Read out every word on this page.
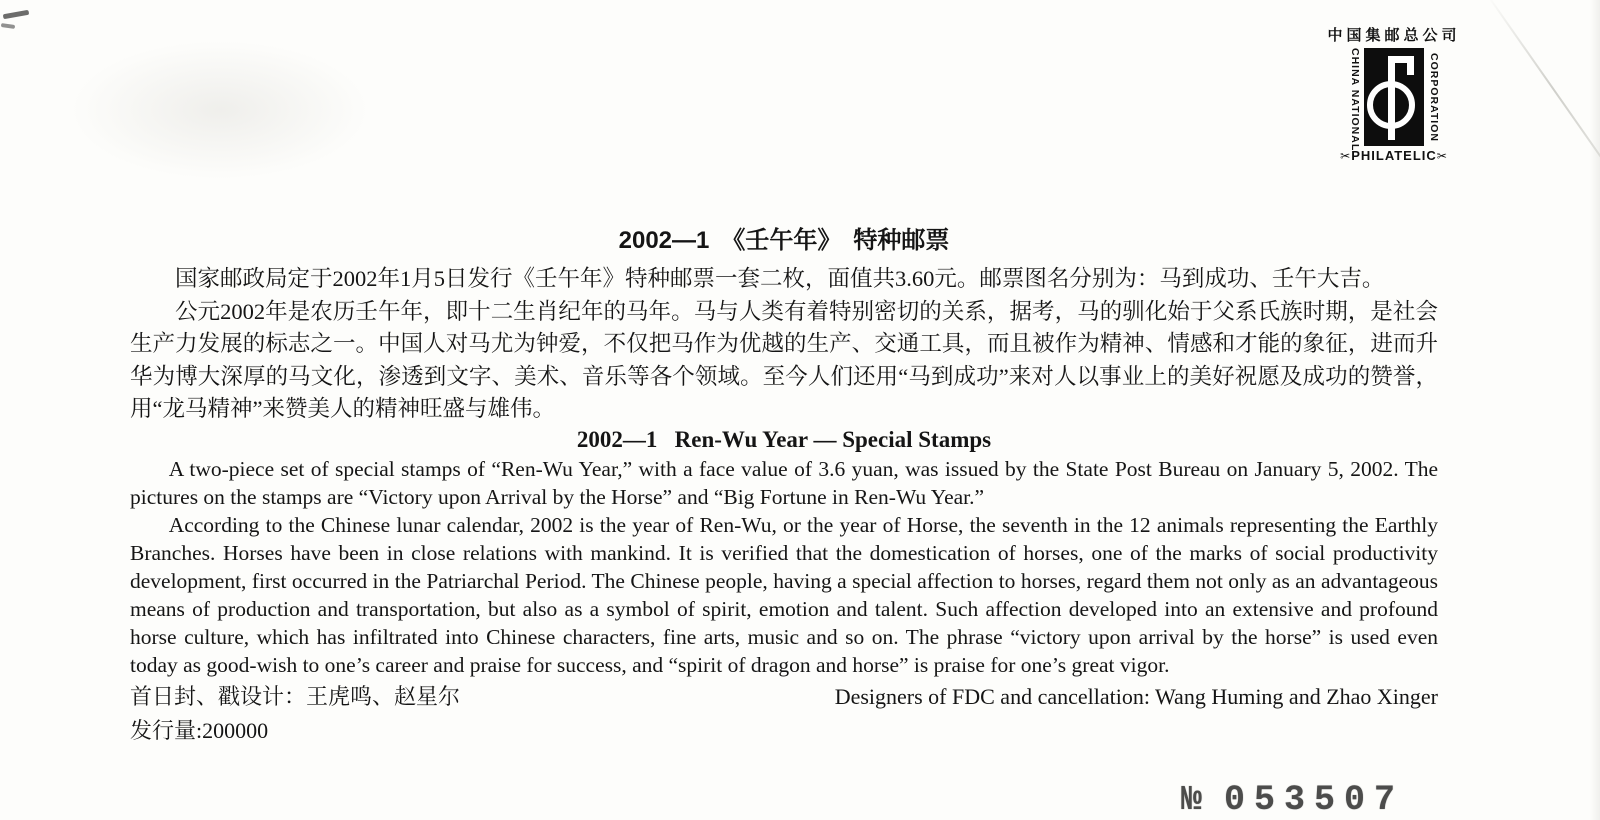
中国集邮总公司
CHINA NATIONAL	CORPORATION
✂PHILATELIC✂
2002—1　《壬午年》　特种邮票

国家邮政局定于2002年1月5日发行《壬午年》特种邮票一套二枚，面值共3.60元。邮票图名分别为：马到成功、壬午大吉。

公元2002年是农历壬午年，即十二生肖纪年的马年。马与人类有着特别密切的关系，据考，马的驯化始于父系氏族时期，是社会生产力发展的标志之一。中国人对马尤为钟爱，不仅把马作为优越的生产、交通工具，而且被作为精神、情感和才能的象征，进而升华为博大深厚的马文化，渗透到文字、美术、音乐等各个领域。至今人们还用“马到成功”来对人以事业上的美好祝愿及成功的赞誉，用“龙马精神”来赞美人的精神旺盛与雄伟。

2002—1   Ren-Wu Year — Special Stamps

A two-piece set of special stamps of “Ren-Wu Year,” with a face value of 3.6 yuan, was issued by the State Post Bureau on January 5, 2002. The pictures on the stamps are “Victory upon Arrival by the Horse” and “Big Fortune in Ren-Wu Year.”

According to the Chinese lunar calendar, 2002 is the year of Ren-Wu, or the year of Horse, the seventh in the 12 animals representing the Earthly Branches. Horses have been in close relations with mankind. It is verified that the domestication of horses, one of the marks of social productivity development, first occurred in the Patriarchal Period. The Chinese people, having a special affection to horses, regard them not only as an advantageous means of production and transportation, but also as a symbol of spirit, emotion and talent. Such affection developed into an extensive and profound horse culture, which has infiltrated into Chinese characters, fine arts, music and so on. The phrase “victory upon arrival by the horse” is used even today as good-wish to one’s career and praise for success, and “spirit of dragon and horse” is praise for one’s great vigor.

首日封、戳设计：王虎鸣、赵星尔	Designers of FDC and cancellation: Wang Huming and Zhao Xinger
发行量:200000
№ 053507
